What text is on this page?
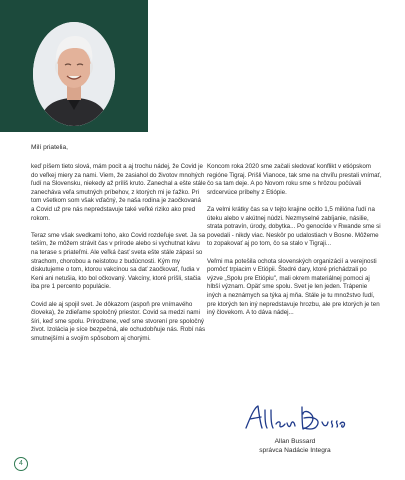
Milí priatelia,

keď píšem tieto slová, mám pocit a aj trochu nádej, že Covid je do veľkej miery za nami. Viem, že zasiahol do životov mnohých ľudí na Slovensku, niekedy až príliš kruto. Zanechal a ešte stále zanecháva veľa smutných príbehov, z ktorých mi je ťažko. Pri tom všetkom som však vďačný, že naša rodina je zaočkovaná a Covid už pre nás nepredstavuje také veľké riziko ako pred rokom.

Teraz sme však svedkami toho, ako Covid rozdeľuje svet. Ja sa teším, že môžem strávit čas v prírode alebo si vychutnat kávu na terase s priateľmi. Ale veľká časť sveta ešte stále zápasí so strachom, chorobou a neistotou z budúcnosti. Kým my diskutujeme o tom, ktorou vakcínou sa dať zaočkovať, ľudia v Keni ani netušia, kto bol očkovaný. Vakcíny, ktoré príšli, stačia iba pre 1 percento populácie.

Covid ale aj spojil svet. Je dôkazom (aspoň pre vnímavého človeka), že zdieľame spoločný priestor. Covid sa medzi nami šíri, keď sme spolu. Prirodzene, veď sme stvorení pre spoločný život. Izolácia je síce bezpečná, ale ochudobňuje nás. Robí nás smutnejšími a svojím spôsobom aj chorými.

Koncom roka 2020 sme začali sledovať konflikt v etiópskom regióne Tigraj. Prišli Vianoce, tak sme na chvíľu prestali vnímať, čo sa tam deje. A po Novom roku sme s hrôzou počúvali srdcervúce príbehy z Etiópie.

Za velmi krátky čas sa v tejto krajine ocitlo 1,5 milióna ľudí na úteku alebo v akútnej núdzi. Nezmyselné zabíjanie, násilie, strata potravín, úrody, dobytka... Po genocíde v Rwande sme si povedali - nikdy viac. Neskôr po udalostiach v Bosne. Môžeme to zopakovať aj po tom, čo sa stalo v Tigraji...

Veľmi ma potešila ochota slovenských organizácií a verejnosti pomôcť trpiacim v Etiópii. Štedré dary, ktoré prichádzali po výzve „Spolu pre Etiópiu", mali okrem materiálnej pomoci aj hlbší význam. Opäť sme spolu. Svet je len jeden. Trápenie iných a neznámych sa týka aj mňa. Stále je tu množstvo ľudí, pre ktorých ten iný nepredstavuje hrozbu, ale pre ktorých je ten iný človekom. A to dáva nádej...

Allan Bussard
správca Nadácie Integra
4
